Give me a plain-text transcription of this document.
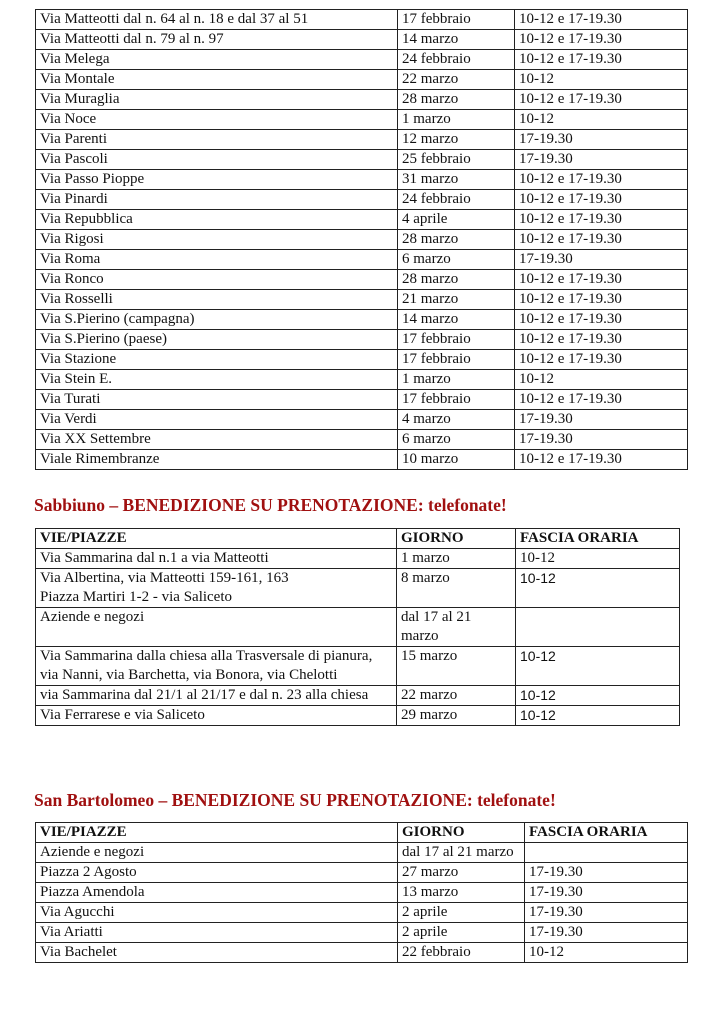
Via Matteotti dal n. 64 al n. 18 e dal 37 al 51	17 febbraio	10-12 e 17-19.30
Via Matteotti dal n. 79 al n. 97	14 marzo	10-12 e 17-19.30
Via Melega	24 febbraio	10-12 e 17-19.30
Via Montale	22 marzo	10-12
Via Muraglia	28 marzo	10-12 e 17-19.30
Via Noce	1 marzo	10-12
Via Parenti	12 marzo	17-19.30
Via Pascoli	25 febbraio	17-19.30
Via Passo Pioppe	31 marzo	10-12 e 17-19.30
Via Pinardi	24 febbraio	10-12 e 17-19.30
Via Repubblica	4 aprile	10-12 e 17-19.30
Via Rigosi	28 marzo	10-12 e 17-19.30
Via Roma	6 marzo	17-19.30
Via Ronco	28 marzo	10-12 e 17-19.30
Via Rosselli	21 marzo	10-12 e 17-19.30
Via S.Pierino (campagna)	14 marzo	10-12 e 17-19.30
Via S.Pierino (paese)	17 febbraio	10-12 e 17-19.30
Via Stazione	17 febbraio	10-12 e 17-19.30
Via Stein E.	1 marzo	10-12
Via Turati	17 febbraio	10-12 e 17-19.30
Via Verdi	4 marzo	17-19.30
Via XX Settembre	6 marzo	17-19.30
Viale Rimembranze	10 marzo	10-12 e 17-19.30
Sabbiuno – BENEDIZIONE SU PRENOTAZIONE: telefonate!
VIE/PIAZZE	GIORNO	FASCIA ORARIA
Via Sammarina dal n.1 a via Matteotti	1 marzo	10-12
Via Albertina, via Matteotti 159-161, 163
Piazza Martiri 1-2 - via Saliceto	8 marzo	10-12
Aziende e negozi	dal 17 al 21 marzo	
Via Sammarina dalla chiesa alla Trasversale di pianura, via Nanni, via Barchetta, via Bonora, via Chelotti	15 marzo	10-12
via Sammarina dal 21/1 al 21/17 e dal n. 23 alla chiesa	22 marzo	10-12
Via Ferrarese e via Saliceto	29 marzo	10-12
San Bartolomeo – BENEDIZIONE SU PRENOTAZIONE: telefonate!
VIE/PIAZZE	GIORNO	FASCIA ORARIA
Aziende e negozi	dal 17 al 21 marzo	
Piazza 2 Agosto	27 marzo	17-19.30
Piazza Amendola	13 marzo	17-19.30
Via Agucchi	2 aprile	17-19.30
Via Ariatti	2 aprile	17-19.30
Via Bachelet	22 febbraio	10-12
